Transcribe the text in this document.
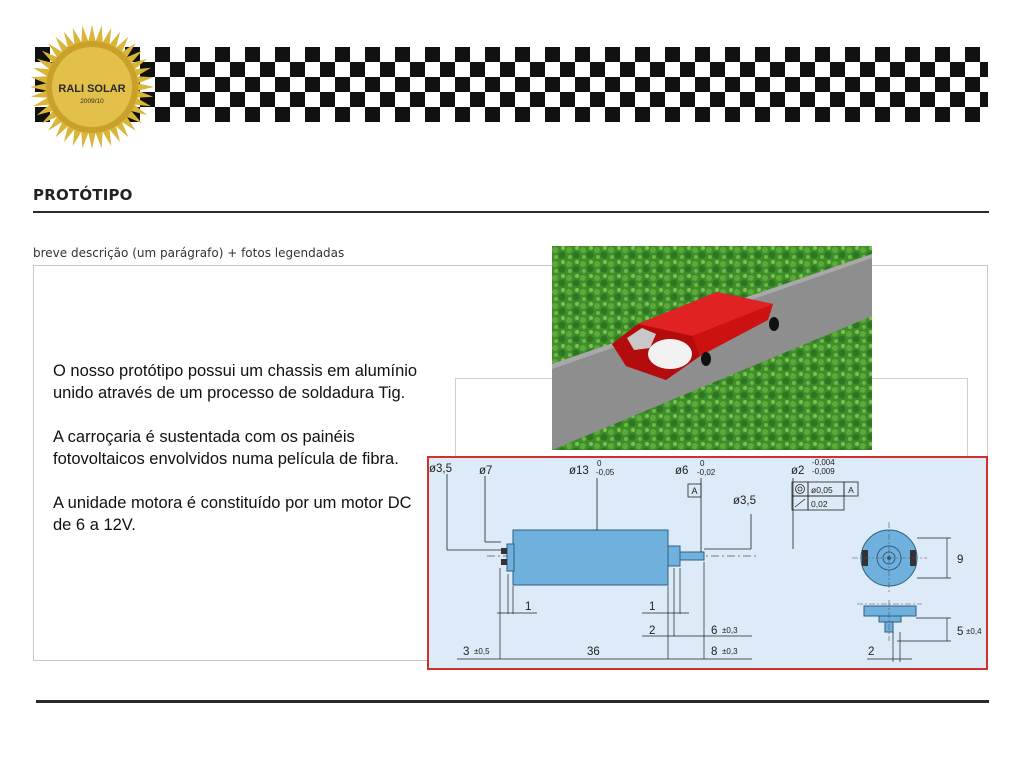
RALI SOLAR
2009/10
PROTÓTIPO
breve descrição (um parágrafo) + fotos legendadas

O nosso protótipo possui um chassis em alumínio unido através de um processo de soldadura Tig.

A carroçaria é sustentada com os painéis fotovoltaicos envolvidos numa película de fibra.

A unidade motora é constituído por um motor DC de 6 a 12V.

ø3,5 ø7	ø13
0
-0,05	ø6
0
-0,02
A
ø3,5
ø2
-0,004
-0,009
ø0,05 A
0,02
1	1
2	6 ±0,3
3 ±0,5	36	8 ±0,3
9
5 ±0,4
2
